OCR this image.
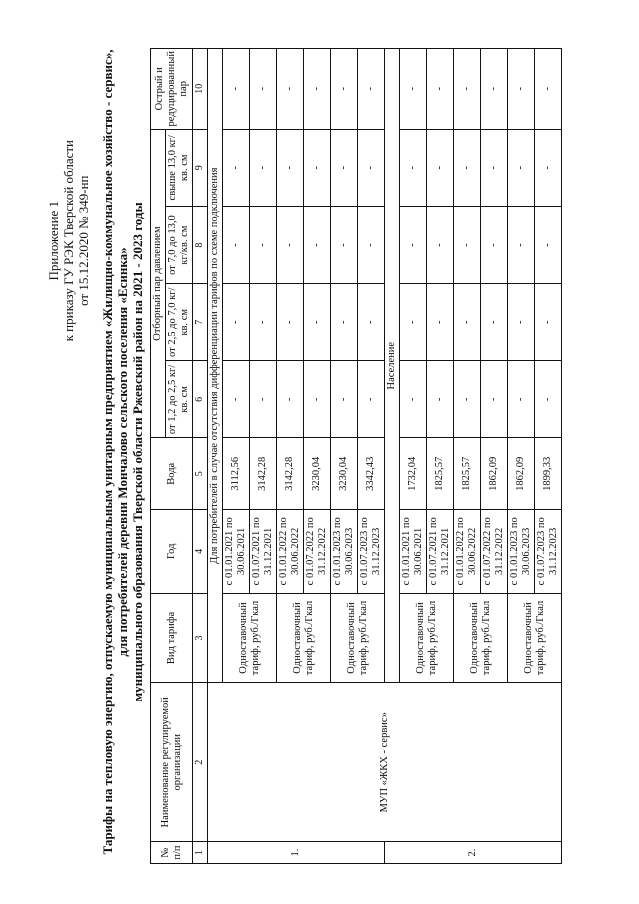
Приложение 1 к приказу ГУ РЭК Тверской области от 15.12.2020 № 349-нп Тарифы на тепловую энергию, отпускаемую муниципальным унитарным предприятием «Жилищно-коммунальное хозяйство - сервис», для потребителей деревни Мончалово сельского поселения «Есинка» муниципального образования Тверской области Ржевский район на 2021 - 2023 годы
№ п/п	Наименование регулируемой организации	Вид тарифа	Год	Вода	Отборный пар давлением				Острый и редуцированный пар
					от 1,2 до 2,5 кг/кв. см	от 2,5 до 7,0 кг/кв. см	от 7,0 до 13,0 кг/кв. см	свыше 13,0 кг/кв. см	
1	2	3	4	5	6	7	8	9	10
1.	МУП «ЖКХ - сервис»	Для потребителей в случае отсутствия дифференциации тарифов по схеме подключения							
		Одноставочный тариф, руб./Гкал	с 01.01.2021 по 30.06.2021	3112,56	-	-	-	-	-
			с 01.07.2021 по 31.12.2021	3142,28	-	-	-	-	-
		Одноставочный тариф, руб./Гкал	с 01.01.2022 по 30.06.2022	3142,28	-	-	-	-	-
			с 01.07.2022 по 31.12.2022	3230,04	-	-	-	-	-
		Одноставочный тариф, руб./Гкал	с 01.01.2023 по 30.06.2023	3230,04	-	-	-	-	-
			с 01.07.2023 по 31.12.2023	3342,43	-	-	-	-	-
2.		Население							
		Одноставочный тариф, руб./Гкал	с 01.01.2021 по 30.06.2021	1732,04	-	-	-	-	-
			с 01.07.2021 по 31.12.2021	1825,57	-	-	-	-	-
		Одноставочный тариф, руб./Гкал	с 01.01.2022 по 30.06.2022	1825,57	-	-	-	-	-
			с 01.07.2022 по 31.12.2022	1862,09	-	-	-	-	-
		Одноставочный тариф, руб./Гкал	с 01.01.2023 по 30.06.2023	1862,09	-	-	-	-	-
			с 01.07.2023 по 31.12.2023	1899,33	-	-	-	-	-
